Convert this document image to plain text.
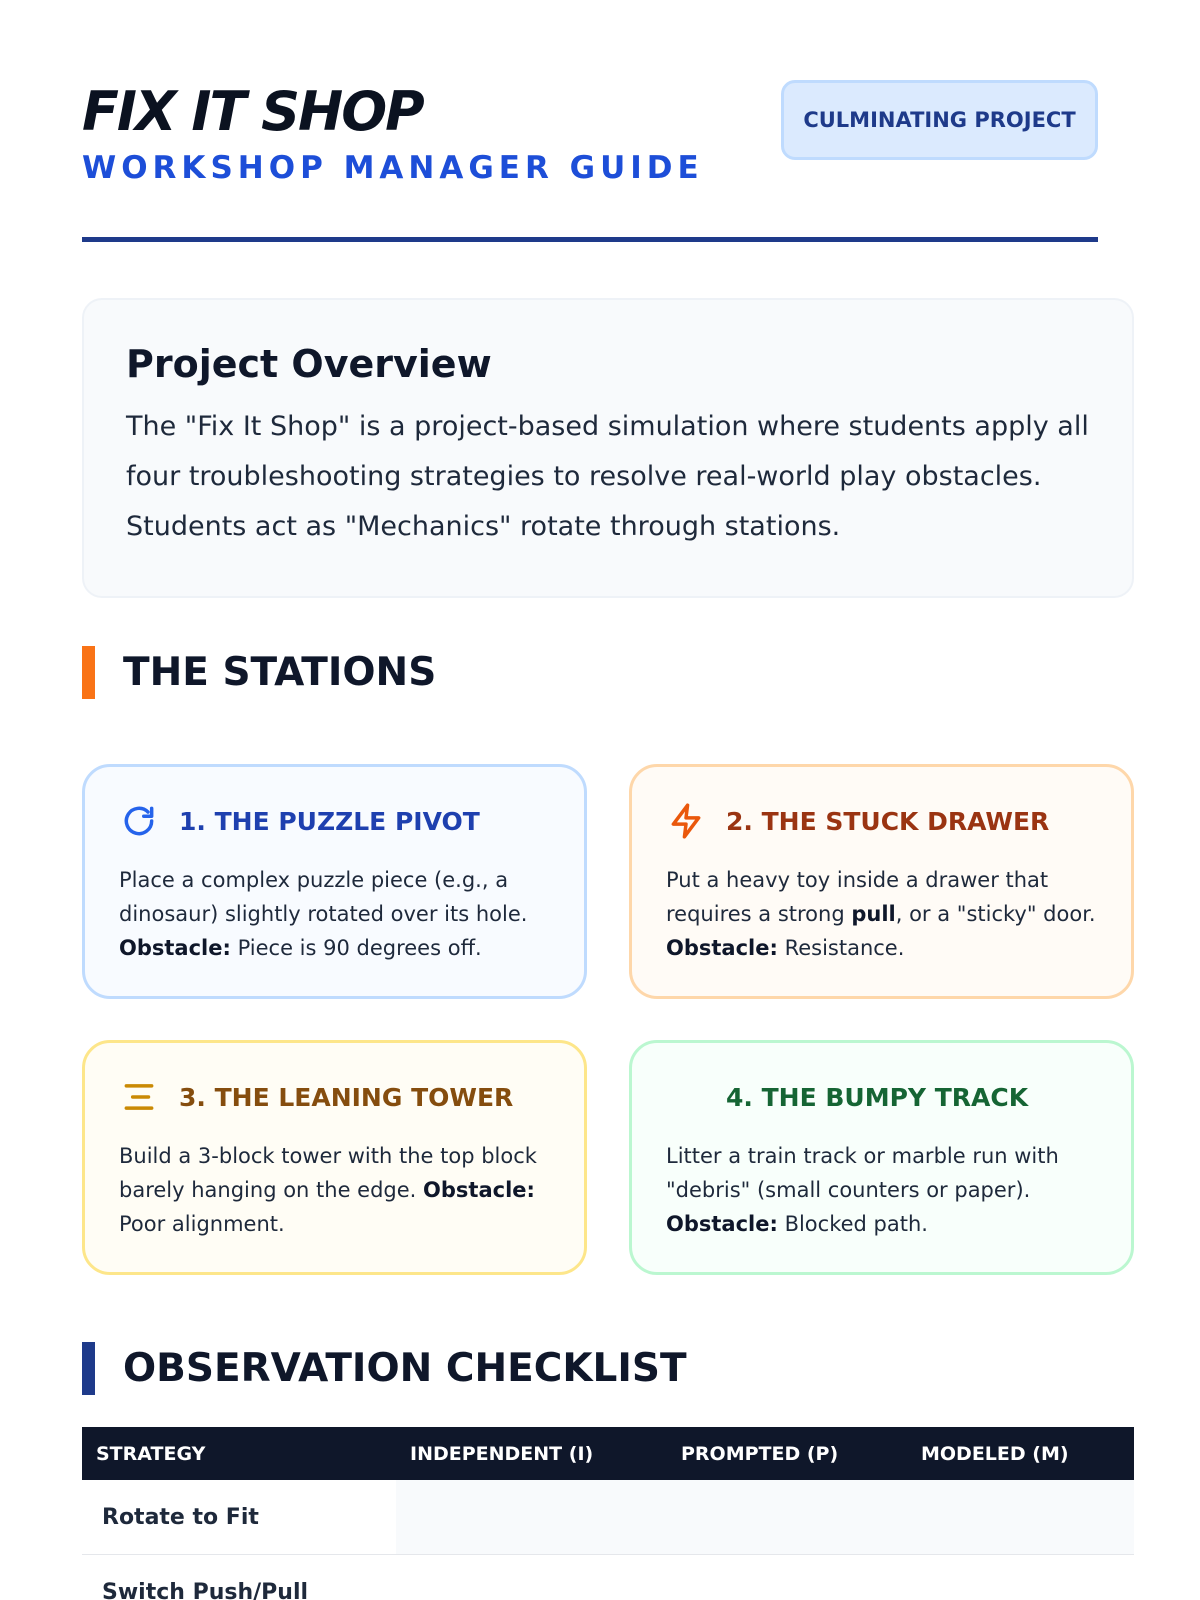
FIX IT SHOP
WORKSHOP MANAGER GUIDE
CULMINATING PROJECT
Project Overview

The "Fix It Shop" is a project-based simulation where students apply all four troubleshooting strategies to resolve real-world play obstacles. Students act as "Mechanics" rotate through stations.

THE STATIONS
1. THE PUZZLE PIVOT

Place a complex puzzle piece (e.g., a dinosaur) slightly rotated over its hole. Obstacle: Piece is 90 degrees off.

2. THE STUCK DRAWER

Put a heavy toy inside a drawer that requires a strong pull, or a "sticky" door. Obstacle: Resistance.

3. THE LEANING TOWER

Build a 3-block tower with the top block barely hanging on the edge. Obstacle: Poor alignment.

4. THE BUMPY TRACK

Litter a train track or marble run with "debris" (small counters or paper). Obstacle: Blocked path.

OBSERVATION CHECKLIST
STRATEGY	INDEPENDENT (I)	PROMPTED (P)	MODELED (M)
Rotate to Fit
Switch Push/Pull
